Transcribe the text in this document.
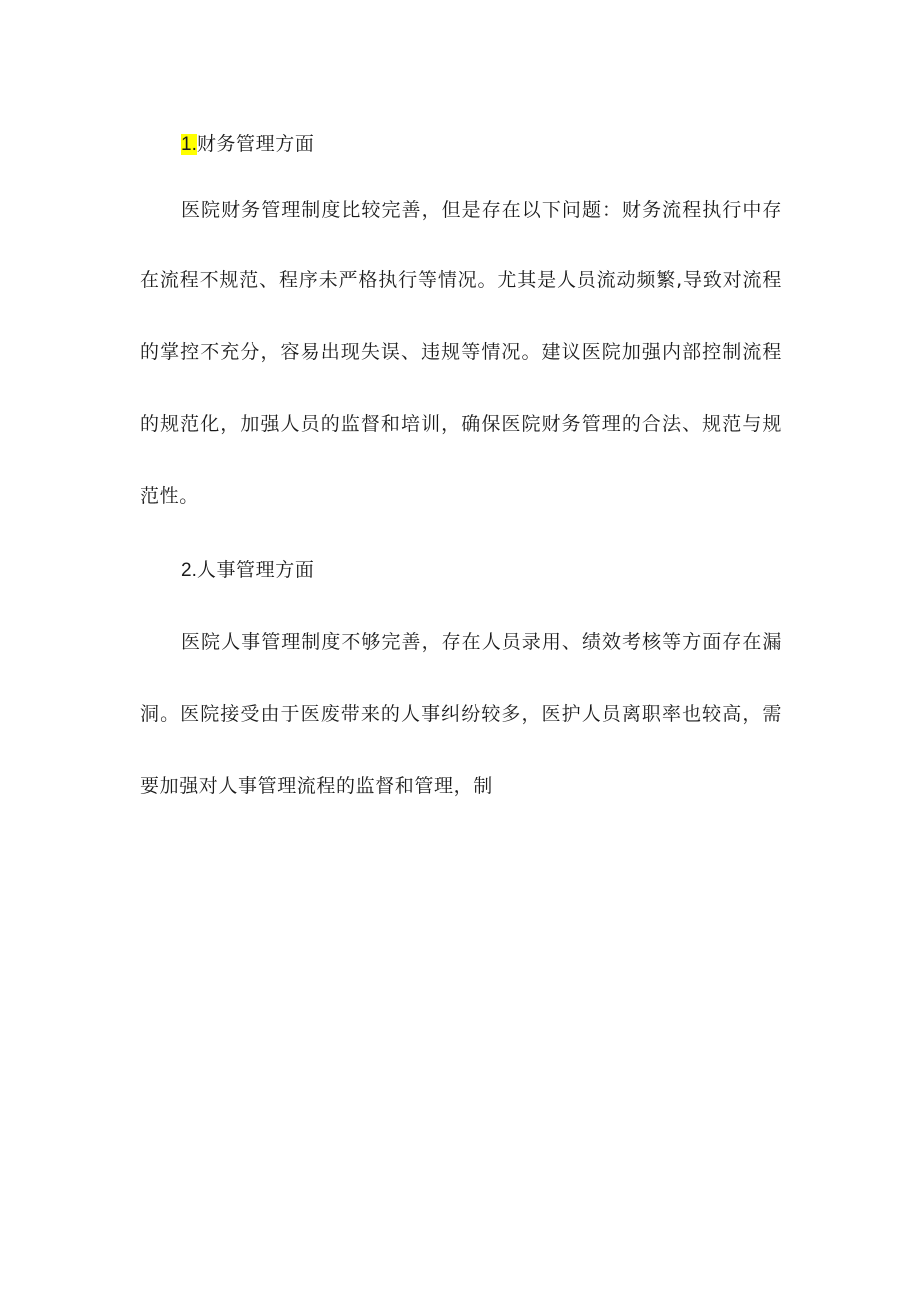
1.财务管理方面
医院财务管理制度比较完善，但是存在以下问题：财务流程执行中存
在流程不规范、程序未严格执行等情况。尤其是人员流动频繁,导致对流程
的掌控不充分，容易出现失误、违规等情况。建议医院加强内部控制流程
的规范化，加强人员的监督和培训，确保医院财务管理的合法、规范与规
范性。
2.人事管理方面
医院人事管理制度不够完善，存在人员录用、绩效考核等方面存在漏
洞。医院接受由于医废带来的人事纠纷较多，医护人员离职率也较高，需
要加强对人事管理流程的监督和管理，制
